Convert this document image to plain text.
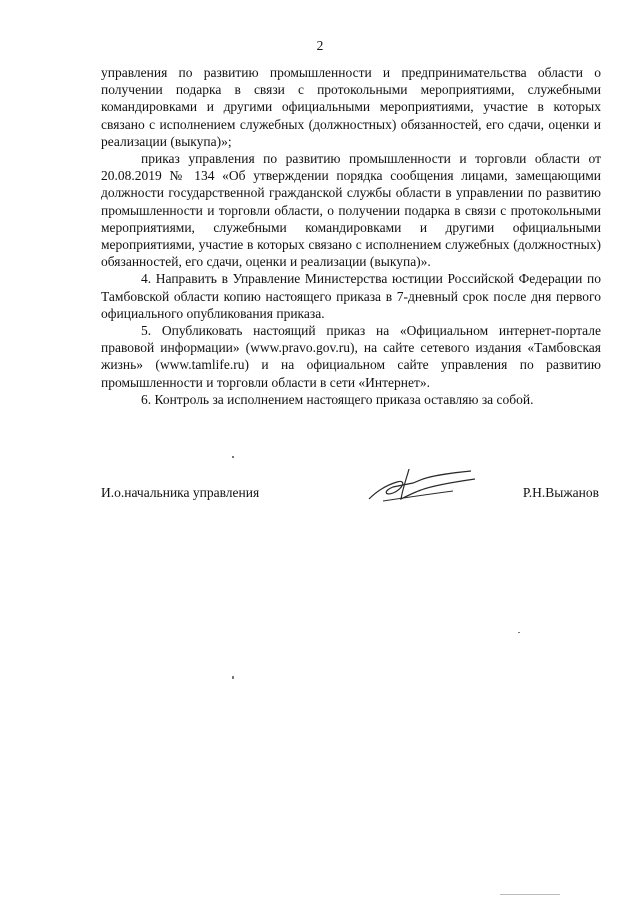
2

управления по развитию промышленности и предпринимательства области о получении подарка в связи с протокольными мероприятиями, служебными командировками и другими официальными мероприятиями, участие в которых связано с исполнением служебных (должностных) обязанностей, его сдачи, оценки и реализации (выкупа)»;

приказ управления по развитию промышленности и торговли области от 20.08.2019 № 134 «Об утверждении порядка сообщения лицами, замещающими должности государственной гражданской службы области в управлении по развитию промышленности и торговли области, о получении подарка в связи с протокольными мероприятиями, служебными командировками и другими официальными мероприятиями, участие в которых связано с исполнением служебных (должностных) обязанностей, его сдачи, оценки и реализации (выкупа)».

4. Направить в Управление Министерства юстиции Российской Федерации по Тамбовской области копию настоящего приказа в 7-дневный срок после дня первого официального опубликования приказа.

5. Опубликовать настоящий приказ на «Официальном интернет-портале правовой информации» (www.pravo.gov.ru), на сайте сетевого издания «Тамбовская жизнь» (www.tamlife.ru) и на официальном сайте управления по развитию промышленности и торговли области в сети «Интернет».

6. Контроль за исполнением настоящего приказа оставляю за собой.

И.о.начальника управления	Р.Н.Выжанов
